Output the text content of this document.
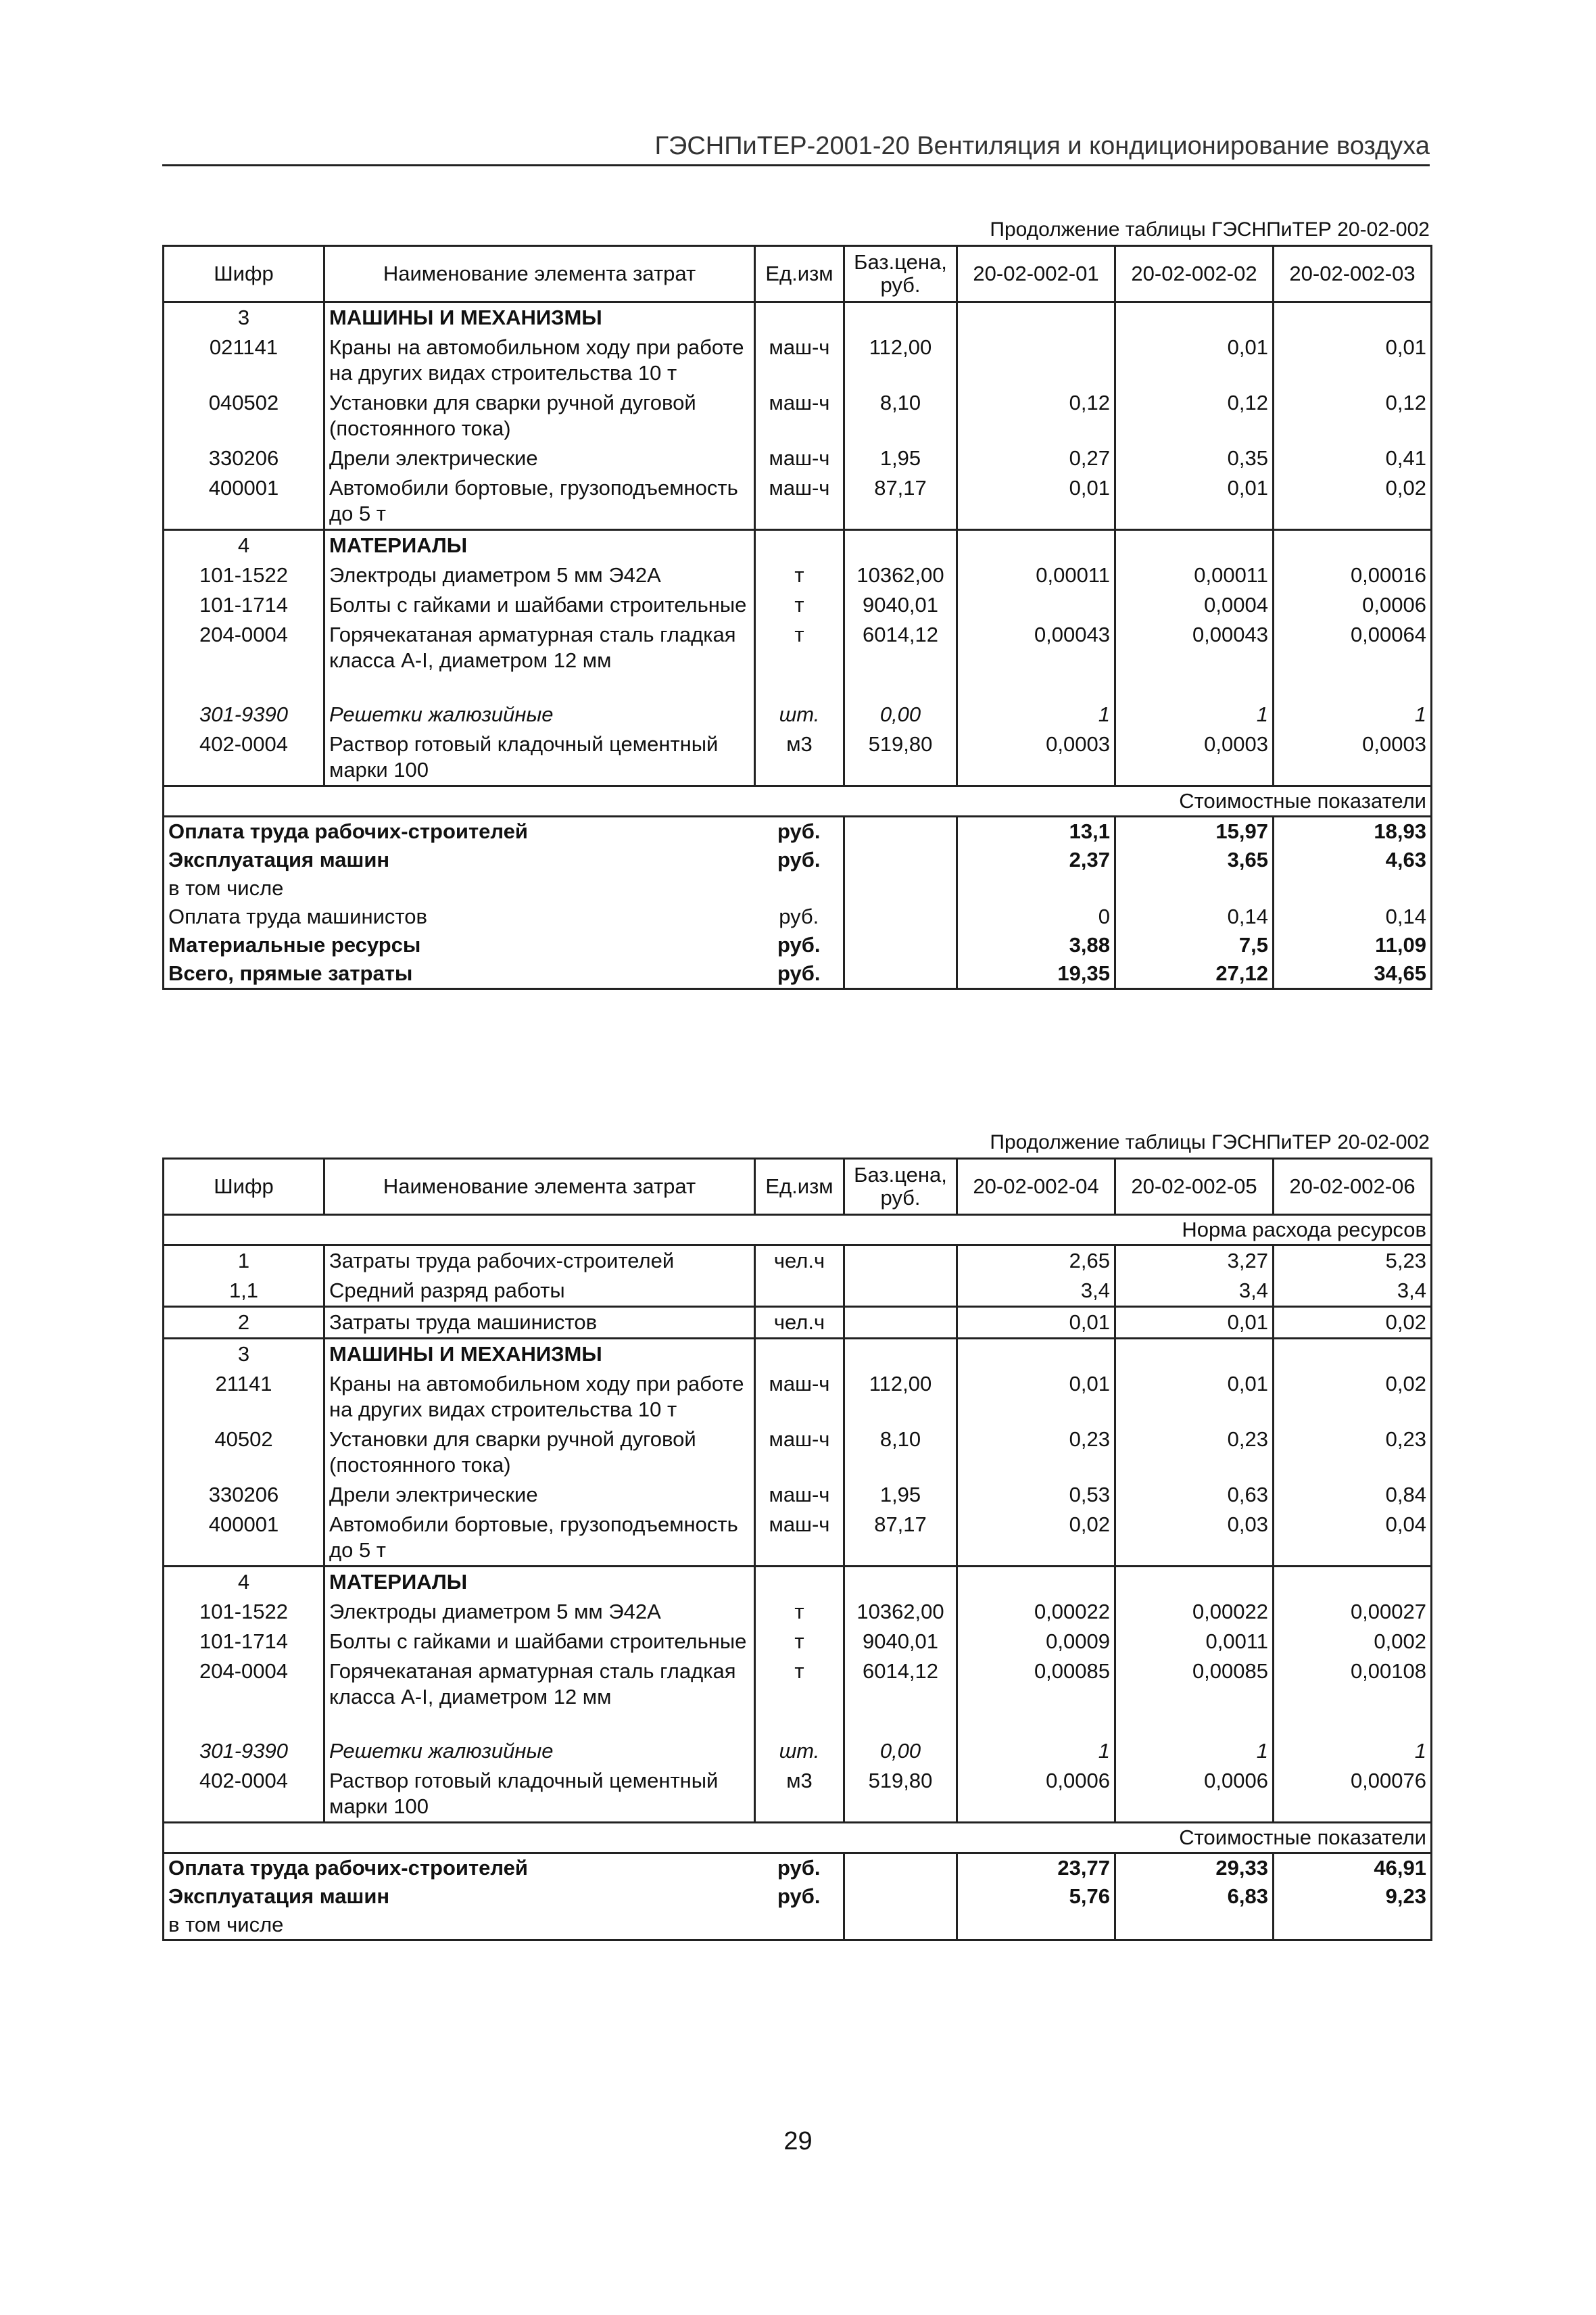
ГЭСНПиТЕР-2001-20 Вентиляция и кондиционирование воздуха
Продолжение таблицы ГЭСНПиТЕР 20-02-002
Шифр	Наименование элемента затрат	Ед.изм	Баз.цена, руб.	20-02-002-01	20-02-002-02	20-02-002-03
3	МАШИНЫ И МЕХАНИЗМЫ					
021141	Краны на автомобильном ходу при работе на других видах строительства 10 т	маш-ч	112,00		0,01	0,01
040502	Установки для сварки ручной дуговой (постоянного тока)	маш-ч	8,10	0,12	0,12	0,12
330206	Дрели электрические	маш-ч	1,95	0,27	0,35	0,41
400001	Автомобили бортовые, грузоподъемность до 5 т	маш-ч	87,17	0,01	0,01	0,02
4	МАТЕРИАЛЫ					
101-1522	Электроды диаметром 5 мм Э42А	т	10362,00	0,00011	0,00011	0,00016
101-1714	Болты с гайками и шайбами строительные	т	9040,01		0,0004	0,0006
204-0004	Горячекатаная арматурная сталь гладкая класса А-I, диаметром 12 мм	т	6014,12	0,00043	0,00043	0,00064

301-9390	Решетки жалюзийные	шт.	0,00	1	1	1
402-0004	Раствор готовый кладочный цементный марки 100	м3	519,80	0,0003	0,0003	0,0003
Стоимостные показатели						
Оплата труда рабочих-строителей		руб.		13,1	15,97	18,93
Эксплуатация машин		руб.		2,37	3,65	4,63
в том числе						
Оплата труда машинистов		руб.		0	0,14	0,14
Материальные ресурсы		руб.		3,88	7,5	11,09
Всего, прямые затраты		руб.		19,35	27,12	34,65
Продолжение таблицы ГЭСНПиТЕР 20-02-002
Шифр	Наименование элемента затрат	Ед.изм	Баз.цена, руб.	20-02-002-04	20-02-002-05	20-02-002-06
Норма расхода ресурсов						
1	Затраты труда рабочих-строителей	чел.ч		2,65	3,27	5,23
1,1	Средний разряд работы			3,4	3,4	3,4
2	Затраты труда машинистов	чел.ч		0,01	0,01	0,02
3	МАШИНЫ И МЕХАНИЗМЫ					
21141	Краны на автомобильном ходу при работе на других видах строительства 10 т	маш-ч	112,00	0,01	0,01	0,02
40502	Установки для сварки ручной дуговой (постоянного тока)	маш-ч	8,10	0,23	0,23	0,23
330206	Дрели электрические	маш-ч	1,95	0,53	0,63	0,84
400001	Автомобили бортовые, грузоподъемность до 5 т	маш-ч	87,17	0,02	0,03	0,04
4	МАТЕРИАЛЫ					
101-1522	Электроды диаметром 5 мм Э42А	т	10362,00	0,00022	0,00022	0,00027
101-1714	Болты с гайками и шайбами строительные	т	9040,01	0,0009	0,0011	0,002
204-0004	Горячекатаная арматурная сталь гладкая класса А-I, диаметром 12 мм	т	6014,12	0,00085	0,00085	0,00108

301-9390	Решетки жалюзийные	шт.	0,00	1	1	1
402-0004	Раствор готовый кладочный цементный марки 100	м3	519,80	0,0006	0,0006	0,00076
Стоимостные показатели						
Оплата труда рабочих-строителей		руб.		23,77	29,33	46,91
Эксплуатация машин		руб.		5,76	6,83	9,23
в том числе						
29
